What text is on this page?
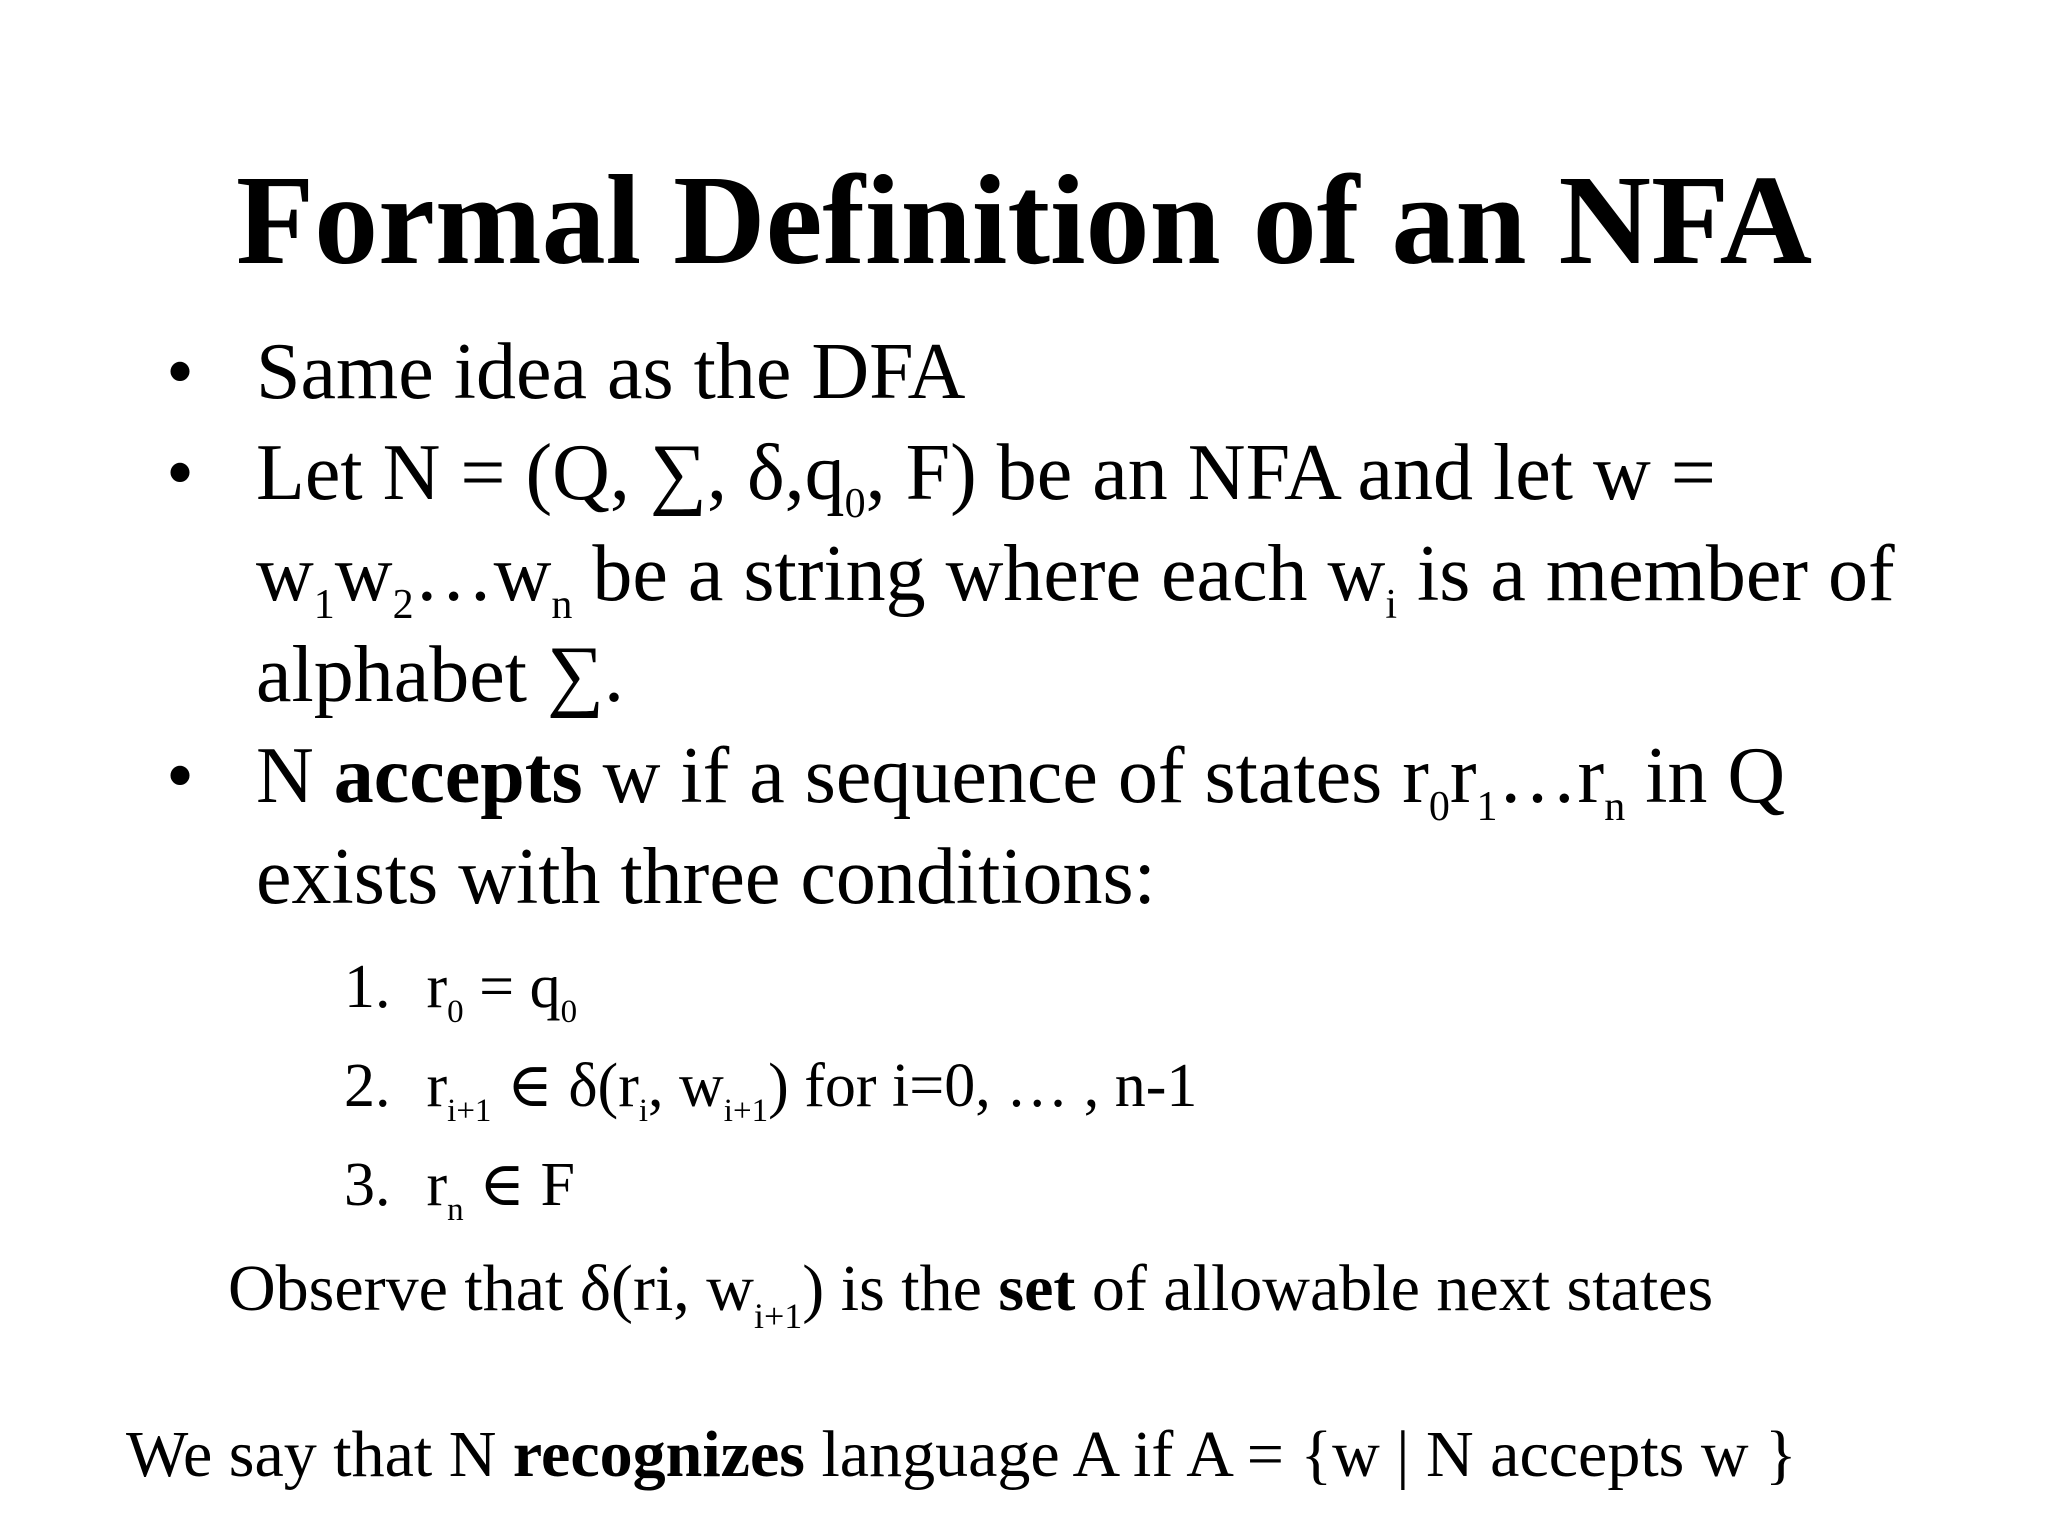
Formal Definition of an NFA
• Same idea as the DFA
• Let N = (Q, ∑, $\delta,q_0$, F) be an NFA and let w =
$w_1w_2\dots w_n$ be a string where each $w_i$ is a member of alphabet ∑.
• N accepts w if a sequence of states $r_0r_1\dots r_n$ in Q exists with three conditions:
1. $r_0 = q_0$
2. $r_{i+1}$ ∈ $\delta(r_i$, $w_{i+1}$) for i=0, … , n-1
3. $r_n$ ∈ F
Observe that δ(ri, $w_{i+1}$) is the set of allowable next states
We say that N recognizes language A if A = {w | N accepts w }
